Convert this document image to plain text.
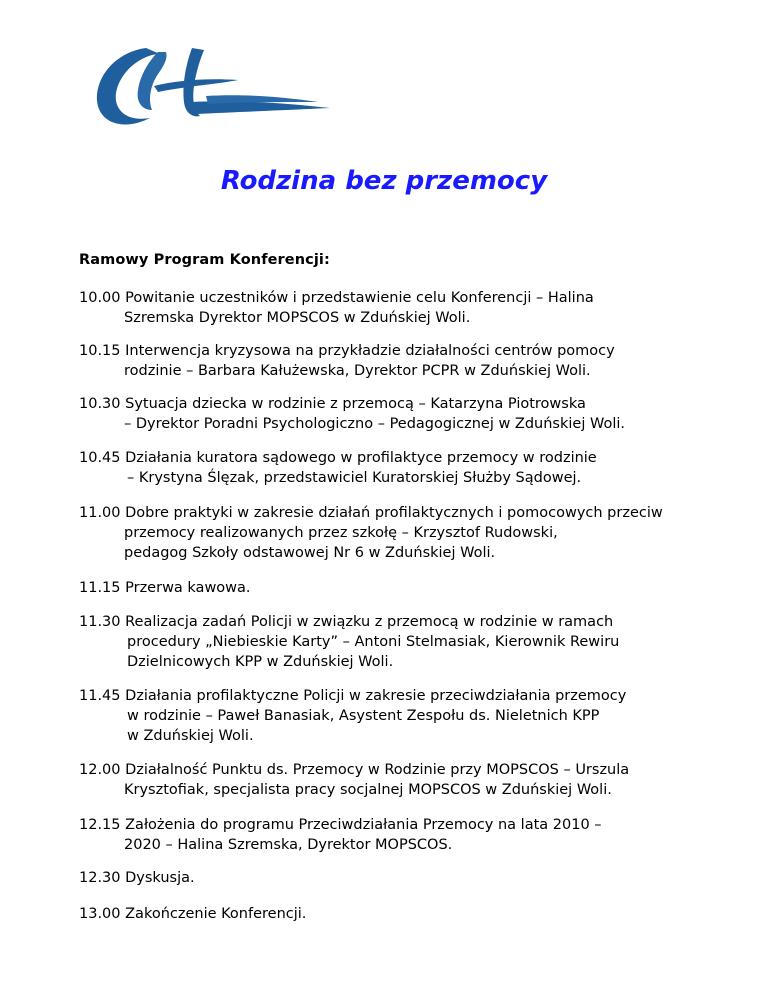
Rodzina bez przemocy
Ramowy Program Konferencji:
10.00 Powitanie uczestników i przedstawienie celu Konferencji – Halina
Szremska Dyrektor MOPSCOS w Zduńskiej Woli.
10.15 Interwencja kryzysowa na przykładzie działalności centrów pomocy
rodzinie – Barbara Kałużewska, Dyrektor PCPR w Zduńskiej Woli.
10.30 Sytuacja dziecka w rodzinie z przemocą – Katarzyna Piotrowska
– Dyrektor Poradni Psychologiczno – Pedagogicznej w Zduńskiej Woli.
10.45 Działania kuratora sądowego w profilaktyce przemocy w rodzinie
– Krystyna Ślęzak, przedstawiciel Kuratorskiej Służby Sądowej.
11.00 Dobre praktyki w zakresie działań profilaktycznych i pomocowych przeciw
przemocy realizowanych przez szkołę – Krzysztof Rudowski,
pedagog Szkoły odstawowej Nr 6 w Zduńskiej Woli.
11.15 Przerwa kawowa.
11.30 Realizacja zadań Policji w związku z przemocą w rodzinie w ramach
procedury „Niebieskie Karty” – Antoni Stelmasiak, Kierownik Rewiru
Dzielnicowych KPP w Zduńskiej Woli.
11.45 Działania profilaktyczne Policji w zakresie przeciwdziałania przemocy
w rodzinie – Paweł Banasiak, Asystent Zespołu ds. Nieletnich KPP
w Zduńskiej Woli.
12.00 Działalność Punktu ds. Przemocy w Rodzinie przy MOPSCOS – Urszula
Krysztofiak, specjalista pracy socjalnej MOPSCOS w Zduńskiej Woli.
12.15 Założenia do programu Przeciwdziałania Przemocy na lata 2010 –
2020 – Halina Szremska, Dyrektor MOPSCOS.
12.30 Dyskusja.
13.00 Zakończenie Konferencji.
